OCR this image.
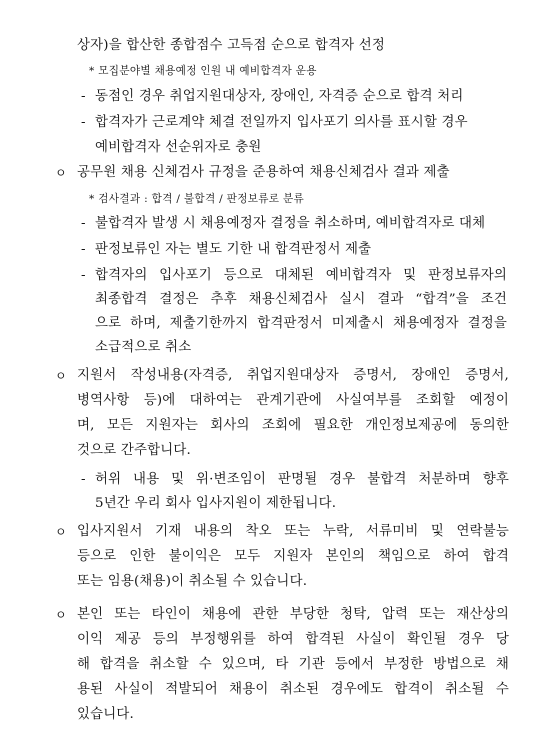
상자)을 합산한 종합점수 고득점 순으로 합격자 선정
* 모집분야별 채용예정 인원 내 예비합격자 운용
- 동점인 경우 취업지원대상자, 장애인, 자격증 순으로 합격 처리
- 합격자가 근로계약 체결 전일까지 입사포기 의사를 표시할 경우
예비합격자 선순위자로 충원
ㅇ 공무원 채용 신체검사 규정을 준용하여 채용신체검사 결과 제출
* 검사결과 : 합격 / 불합격 / 판정보류로 분류
- 불합격자 발생 시 채용예정자 결정을 취소하며, 예비합격자로 대체
- 판정보류인 자는 별도 기한 내 합격판정서 제출
- 합격자의 입사포기 등으로 대체된 예비합격자 및 판정보류자의
최종합격 결정은 추후 채용신체검사 실시 결과 “합격”을 조건
으로 하며, 제출기한까지 합격판정서 미제출시 채용예정자 결정을
소급적으로 취소
ㅇ 지원서 작성내용(자격증, 취업지원대상자 증명서, 장애인 증명서,
병역사항 등)에 대하여는 관계기관에 사실여부를 조회할 예정이
며, 모든 지원자는 회사의 조회에 필요한 개인정보제공에 동의한
것으로 간주합니다.
- 허위 내용 및 위·변조임이 판명될 경우 불합격 처분하며 향후
5년간 우리 회사 입사지원이 제한됩니다.
ㅇ 입사지원서 기재 내용의 착오 또는 누락, 서류미비 및 연락불능
등으로 인한 불이익은 모두 지원자 본인의 책임으로 하여 합격
또는 임용(채용)이 취소될 수 있습니다.
ㅇ 본인 또는 타인이 채용에 관한 부당한 청탁, 압력 또는 재산상의
이익 제공 등의 부정행위를 하여 합격된 사실이 확인될 경우 당
해 합격을 취소할 수 있으며, 타 기관 등에서 부정한 방법으로 채
용된 사실이 적발되어 채용이 취소된 경우에도 합격이 취소될 수
있습니다.
